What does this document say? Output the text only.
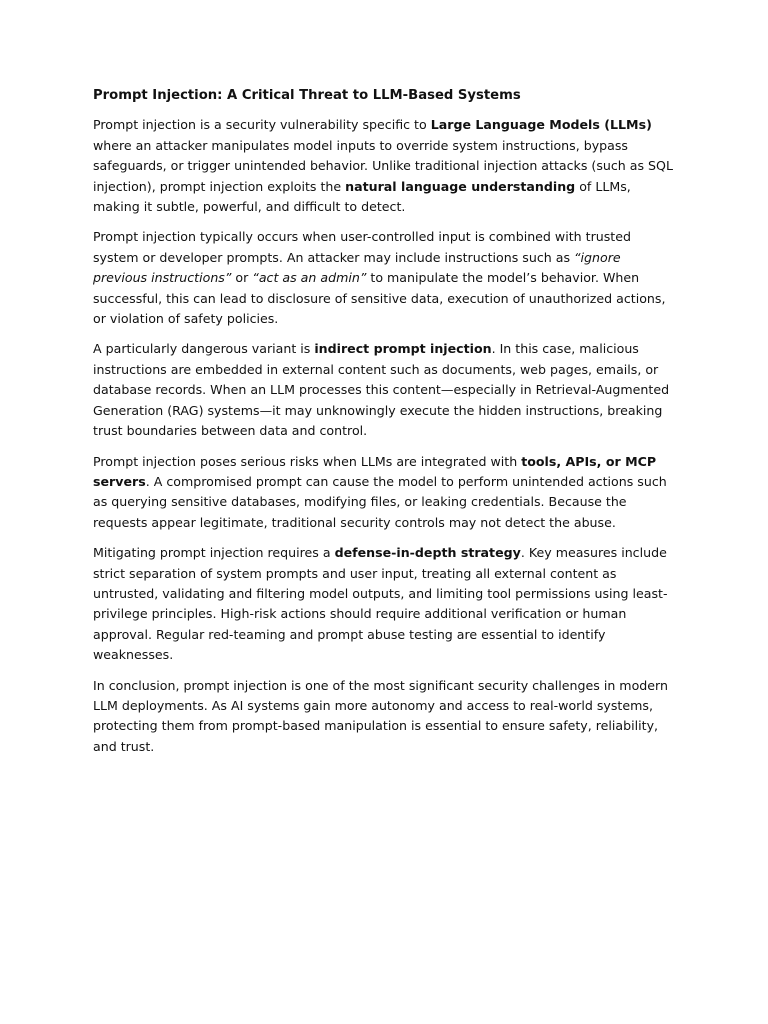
Prompt Injection: A Critical Threat to LLM-Based Systems

Prompt injection is a security vulnerability specific to Large Language Models (LLMs) where an attacker manipulates model inputs to override system instructions, bypass safeguards, or trigger unintended behavior. Unlike traditional injection attacks (such as SQL injection), prompt injection exploits the natural language understanding of LLMs, making it subtle, powerful, and difficult to detect.

Prompt injection typically occurs when user-controlled input is combined with trusted system or developer prompts. An attacker may include instructions such as “ignore previous instructions” or “act as an admin” to manipulate the model’s behavior. When successful, this can lead to disclosure of sensitive data, execution of unauthorized actions, or violation of safety policies.

A particularly dangerous variant is indirect prompt injection. In this case, malicious instructions are embedded in external content such as documents, web pages, emails, or database records. When an LLM processes this content—especially in Retrieval-Augmented Generation (RAG) systems—it may unknowingly execute the hidden instructions, breaking trust boundaries between data and control.

Prompt injection poses serious risks when LLMs are integrated with tools, APIs, or MCP servers. A compromised prompt can cause the model to perform unintended actions such as querying sensitive databases, modifying files, or leaking credentials. Because the requests appear legitimate, traditional security controls may not detect the abuse.

Mitigating prompt injection requires a defense-in-depth strategy. Key measures include strict separation of system prompts and user input, treating all external content as untrusted, validating and filtering model outputs, and limiting tool permissions using least-privilege principles. High-risk actions should require additional verification or human approval. Regular red-teaming and prompt abuse testing are essential to identify weaknesses.

In conclusion, prompt injection is one of the most significant security challenges in modern LLM deployments. As AI systems gain more autonomy and access to real-world systems, protecting them from prompt-based manipulation is essential to ensure safety, reliability, and trust.
